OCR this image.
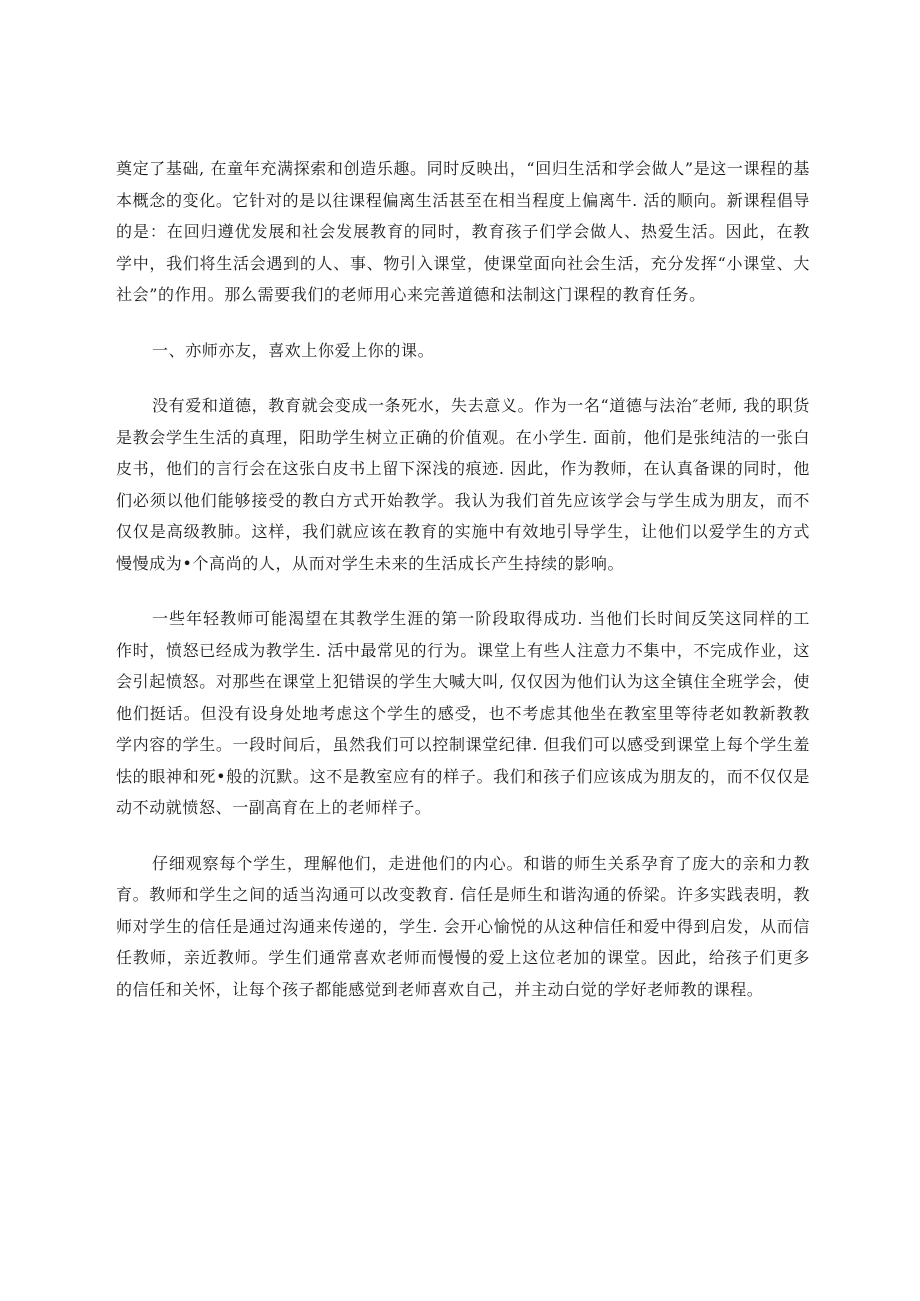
奠定了基础, 在童年充满探索和创造乐趣。同时反映出，“回归生活和学会做人”是这一课程的基本概念的变化。它针对的是以往课程偏离生活甚至在相当程度上偏离牛. 活的顺向。新课程倡导的是：在回归遵优发展和社会发展教育的同时，教育孩子们学会做人、热爱生活。因此，在教学中，我们将生活会遇到的人、事、物引入课堂，使课堂面向社会生活，充分发挥“小课堂、大社会”的作用。那么需要我们的老师用心来完善道德和法制这门课程的教育任务。

一、亦师亦友，喜欢上你爱上你的课。

没有爱和道德，教育就会变成一条死水，失去意义。作为一名“道德与法治″老师, 我的职货是教会学生生活的真理，阳助学生树立正确的价值观。在小学生. 面前，他们是张纯洁的一张白皮书，他们的言行会在这张白皮书上留下深浅的痕迹. 因此，作为教师，在认真备课的同时，他们必须以他们能够接受的教白方式开始教学。我认为我们首先应该学会与学生成为朋友，而不仅仅是高级教肺。这样，我们就应该在教育的实施中有效地引导学生，让他们以爱学生的方式慢慢成为•个高尚的人，从而对学生未来的生活成长产生持续的影响。

一些年轻教师可能渴望在其教学生涯的第一阶段取得成功. 当他们长时间反笑这同样的工作时，愤怒已经成为教学生. 活中最常见的行为。课堂上有些人注意力不集中，不完成作业，这会引起愤怒。对那些在课堂上犯错误的学生大喊大叫, 仅仅因为他们认为这全镇住全班学会，使他们挺话。但没有设身处地考虑这个学生的感受，也不考虑其他坐在教室里等待老如教新教教学内容的学生。一段时间后，虽然我们可以控制课堂纪律. 但我们可以感受到课堂上每个学生羞怯的眼神和死•般的沉默。这不是教室应有的样子。我们和孩子们应该成为朋友的，而不仅仅是动不动就愤怒、一副高育在上的老师样子。

仔细观察每个学生，理解他们，走进他们的内心。和谐的师生关系孕育了庞大的亲和力教育。教师和学生之间的适当沟通可以改变教育. 信任是师生和谐沟通的侨梁。许多实践表明，教师对学生的信任是通过沟通来传递的，学生. 会开心愉悦的从这种信任和爱中得到启发，从而信任教师，亲近教师。学生们通常喜欢老师而慢慢的爱上这位老加的课堂。因此，给孩子们更多的信任和关怀，让每个孩子都能感觉到老师喜欢自己，并主动白觉的学好老师教的课程。
